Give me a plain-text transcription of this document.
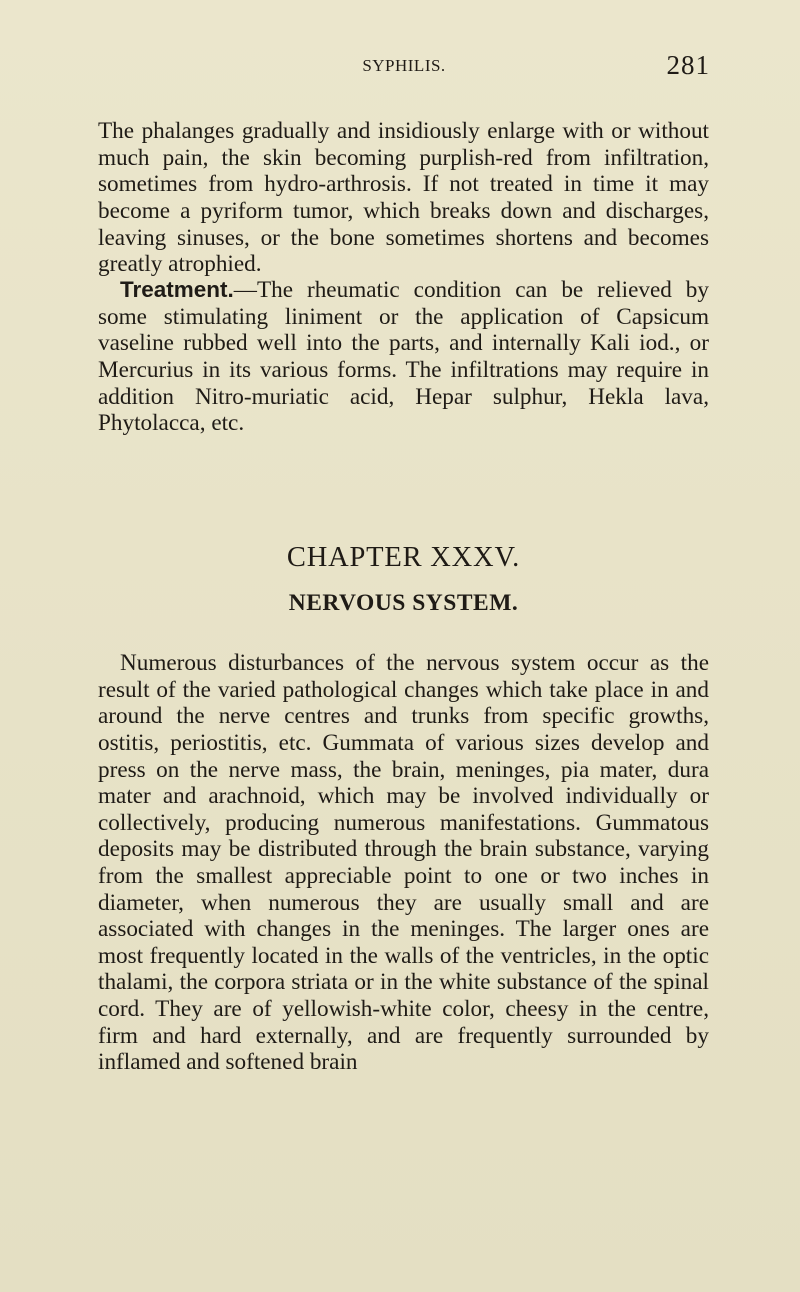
SYPHILIS.	281

The phalanges gradually and insidiously enlarge with or without much pain, the skin becoming purplish-red from infiltration, sometimes from hydro-arthrosis. If not treated in time it may become a pyriform tumor, which breaks down and discharges, leaving sinuses, or the bone sometimes shortens and becomes greatly atrophied.

Treatment.—The rheumatic condition can be relieved by some stimulating liniment or the application of Capsicum vaseline rubbed well into the parts, and internally Kali iod., or Mercurius in its various forms. The infiltrations may require in addition Nitro-muriatic acid, Hepar sulphur, Hekla lava, Phytolacca, etc.

CHAPTER XXXV.
NERVOUS SYSTEM.

Numerous disturbances of the nervous system occur as the result of the varied pathological changes which take place in and around the nerve centres and trunks from specific growths, ostitis, periostitis, etc. Gummata of various sizes develop and press on the nerve mass, the brain, meninges, pia mater, dura mater and arachnoid, which may be involved individually or collectively, producing numerous manifestations. Gummatous deposits may be distributed through the brain substance, varying from the smallest appreciable point to one or two inches in diameter, when numerous they are usually small and are associated with changes in the meninges. The larger ones are most frequently located in the walls of the ventricles, in the optic thalami, the corpora striata or in the white substance of the spinal cord. They are of yellowish-white color, cheesy in the centre, firm and hard externally, and are frequently surrounded by inflamed and softened brain
